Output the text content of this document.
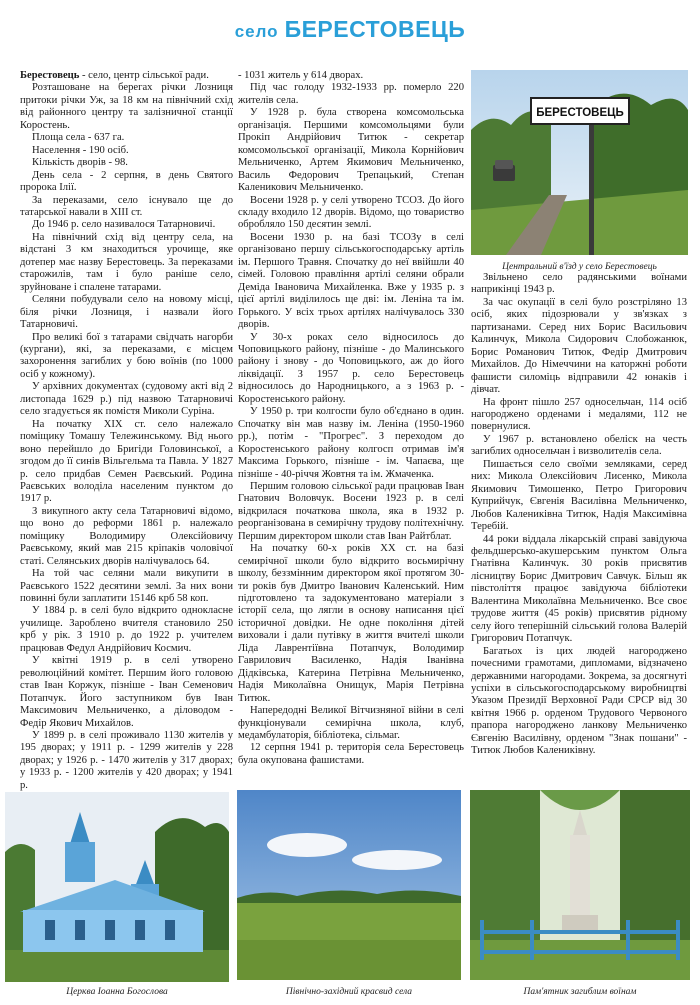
село БЕРЕСТОВЕЦЬ

Берестовець - село, центр сільської ради.

Розташоване на берегах річки Лозниця притоки річки Уж, за 18 км на північний схід від районного центру та залізничної станції Коростень.

Площа села - 637 га.

Населення - 190 осіб.

Кількість дворів - 98.

День села - 2 серпня, в день Святого пророка Ілії.

За переказами, село існувало ще до татарської навали в XIII ст.

До 1946 р. село називалося Татарновичі.

На північний схід від центру села, на відстані 3 км знаходиться урочище, яке дотепер має назву Берестовець. За переказами старожилів, там і було раніше село, зруйноване і спалене татарами.

Селяни побудували село на новому місці, біля річки Лозниця, і назвали його Татарновичі.

Про великі бої з татарами свідчать нагорби (кургани), які, за переказами, є місцем захоронення загиблих у бою воїнів (по 1000 осіб у кожному).

У архівних документах (судовому акті від 2 листопада 1629 р.) під назвою Татарновичі село згадується як помістя Миколи Суріна.

На початку XIX ст. село належало поміщику Томашу Тележинському. Від нього воно перейшло до Бригіди Головинської, а згодом до її синів Вільгельма та Павла. У 1827 р. село придбав Семен Раєвський. Родина Раєвських володіла населеним пунктом до 1917 р.

З викупного акту села Татарновичі відомо, що воно до реформи 1861 р. належало поміщику Володимиру Олексійовичу Раєвському, який мав 215 кріпаків чоловічої статі. Селянських дворів налічувалось 64.

На той час селяни мали викупити в Раєвського 1522 десятини землі. За них вони повинні були заплатити 15146 крб 58 коп.

У 1884 р. в селі було відкрито однокласне училище. Зароблено вчителя становило 250 крб у рік. З 1910 р. до 1922 р. учителем працював Федул Андрійович Космич.

У квітні 1919 р. в селі утворено революційний комітет. Першим його головою став Іван Коржук, пізніше - Іван Семенович Потапчук. Його заступником був Іван Максимович Мельниченко, а діловодом - Федір Якович Михайлов.

У 1899 р. в селі проживало 1130 жителів у 195 дворах; у 1911 р. - 1299 жителів у 228 дворах; у 1926 р. - 1470 жителів у 317 дворах; у 1933 р. - 1200 жителів у 420 дворах; у 1941 р.

- 1031 житель у 614 дворах.

Під час голоду 1932-1933 рр. померло 220 жителів села.

У 1928 р. була створена комсомольська організація. Першими комсомольцями були Прокіп Андрійович Титюк - секретар комсомольської організації, Микола Корнійович Мельниченко, Артем Якимович Мельниченко, Василь Федорович Трепацький, Степан Каленикович Мельниченко.

Восени 1928 р. у селі утворено ТСОЗ. До його складу входило 12 дворів. Відомо, що товариство обробляло 150 десятин землі.

Восени 1930 р. на базі ТСОЗу в селі організовано першу сільськогосподарську артіль ім. Першого Травня. Спочатку до неї ввійшли 40 сімей. Головою правління артілі селяни обрали Деміда Івановича Михайленка. Вже у 1935 р. з цієї артілі виділилось ще дві: ім. Леніна та ім. Горького. У всіх трьох артілях налічувалось 330 дворів.

У 30-х роках село відносилось до Чоповицького району, пізніше - до Малинського району і знову - до Чоповицького, аж до його ліквідації. З 1957 р. село Берестовець відносилось до Народницького, а з 1963 р. - Коростенського району.

У 1950 р. три колгоспи було об'єднано в один. Спочатку він мав назву ім. Леніна (1950-1960 рр.), потім - "Прогрес". З переходом до Коростенського району колгосп отримав ім'я Максима Горького, пізніше - ім. Чапаєва, ще пізніше - 40-річчя Жовтня та ім. Жмаченка.

Першим головою сільської ради працював Іван Гнатович Воловчук. Восени 1923 р. в селі відкрилася початкова школа, яка в 1932 р. реорганізована в семирічну трудову політехнічну. Першим директором школи став Іван Райтблат.

На початку 60-х років XX ст. на базі семирічної школи було відкрито восьмирічну школу, беззмінним директором якої протягом 30-ти років був Дмитро Іванович Каленський. Ним підготовлено та задокументовано матеріали з історії села, що лягли в основу написання цієї історичної довідки. Не одне покоління дітей виховали і дали путівку в життя вчителі школи Ліда Лаврентіївна Потапчук, Володимир Гаврилович Василенко, Надія Іванівна Дідківська, Катерина Петрівна Мельниченко, Надія Миколаївна Онищук, Марія Петрівна Титюк.

Напередодні Великої Вітчизняної війни в селі функціонували семирічна школа, клуб, медамбулаторія, бібліотека, сільмаг.

12 серпня 1941 р. територія села Берестовець була окупована фашистами.

Звільнено село радянськими воїнами наприкінці 1943 р.

За час окупації в селі було розстріляно 13 осіб, яких підозрювали у зв'язках з партизанами. Серед них Борис Васильович Калинчук, Микола Сидорович Слобожанюк, Борис Романович Титюк, Федір Дмитрович Михайлов. До Німеччини на каторжні роботи фашисти силоміць відправили 42 юнаків і дівчат.

На фронт пішло 257 односельчан, 114 осіб нагороджено орденами і медалями, 112 не повернулися.

У 1967 р. встановлено обеліск на честь загиблих односельчан і визволителів села.

Пишається село своїми земляками, серед них: Микола Олексійович Лисенко, Микола Якимович Тимошенко, Петро Григорович Куприйчук, Євгенія Василівна Мельниченко, Любов Калениківна Титюк, Надія Максимівна Теребій.

44 роки віддала лікарській справі завідуюча фельдшерсько-акушерським пунктом Ольга Гнатівна Калинчук. 30 років присвятив лісництву Борис Дмитрович Савчук. Більш як півстоліття працює завідуюча бібліотеки Валентина Миколаївна Мельниченко. Все своє трудове життя (45 років) присвятив рідному селу його теперішній сільський голова Валерій Григорович Потапчук.

Багатьох із цих людей нагороджено почесними грамотами, дипломами, відзначено державними нагородами. Зокрема, за досягнуті успіхи в сільськогосподарському виробництві Указом Президії Верховної Ради СРСР від 30 квітня 1966 р. орденом Трудового Червоного прапора нагороджено ланкову Мельниченко Євгенію Василівну, орденом "Знак пошани" - Титюк Любов Калениківну.

БЕРЕСТОВЕЦЬ
Центральний в'їзд у село Берестовець
Церква Іоанна Богослова	Північно-західний красвид села	Пам'ятник загиблим воїнам
